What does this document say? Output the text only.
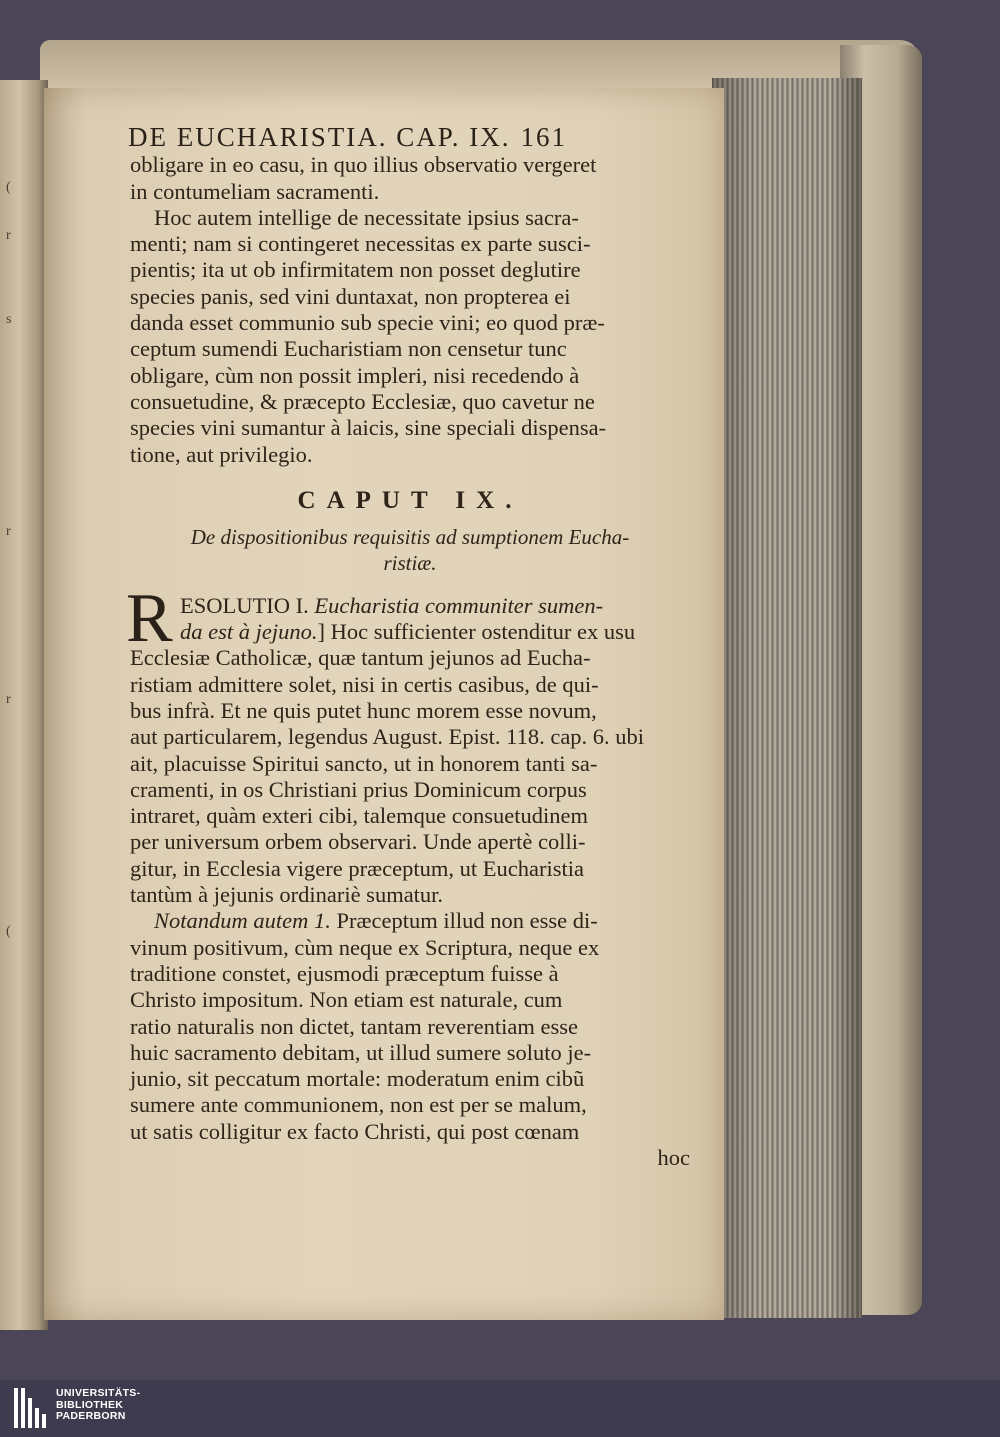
(
r
s
r
r
(
DE EUCHARISTIA. CAP. IX. 161
obligare in eo casu, in quo illius observatio vergeret
in contumeliam sacramenti.
Hoc autem intellige de necessitate ipsius sacra-
menti; nam si contingeret necessitas ex parte susci-
pientis; ita ut ob infirmitatem non posset deglutire
species panis, sed vini duntaxat, non propterea ei
danda esset communio sub specie vini; eo quod præ-
ceptum sumendi Eucharistiam non censetur tunc
obligare, cùm non possit impleri, nisi recedendo à
consuetudine, & præcepto Ecclesiæ, quo cavetur ne
species vini sumantur à laicis, sine speciali dispensa-
tione, aut privilegio.
CAPUT IX.
De dispositionibus requisitis ad sumptionem Eucha-
ristiæ.
R ESOLUTIO I. Eucharistia communiter sumen-
da est à jejuno.] Hoc sufficienter ostenditur ex usu
Ecclesiæ Catholicæ, quæ tantum jejunos ad Eucha-
ristiam admittere solet, nisi in certis casibus, de qui-
bus infrà. Et ne quis putet hunc morem esse novum,
aut particularem, legendus August. Epist. 118. cap. 6. ubi
ait, placuisse Spiritui sancto, ut in honorem tanti sa-
cramenti, in os Christiani prius Dominicum corpus
intraret, quàm exteri cibi, talemque consuetudinem
per universum orbem observari. Unde apertè colli-
gitur, in Ecclesia vigere præceptum, ut Eucharistia
tantùm à jejunis ordinariè sumatur.
Notandum autem 1. Præceptum illud non esse di-
vinum positivum, cùm neque ex Scriptura, neque ex
traditione constet, ejusmodi præceptum fuisse à
Christo impositum. Non etiam est naturale, cum
ratio naturalis non dictet, tantam reverentiam esse
huic sacramento debitam, ut illud sumere soluto je-
junio, sit peccatum mortale: moderatum enim cibũ
sumere ante communionem, non est per se malum,
ut satis colligitur ex facto Christi, qui post cœnam
hoc
UNIVERSITÄTS-
BIBLIOTHEK
PADERBORN
